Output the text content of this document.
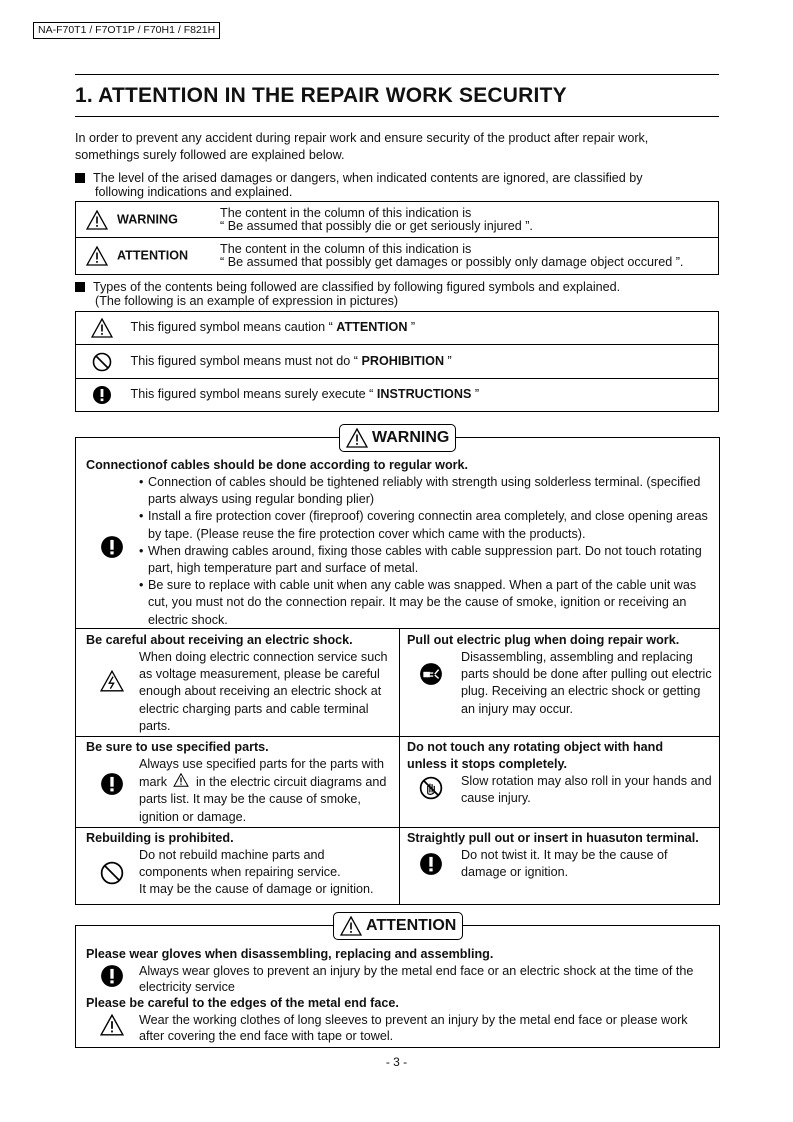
NA-F70T1 / F7OT1P / F70H1 / F821H
1. ATTENTION IN THE REPAIR WORK SECURITY
In order to prevent any accident during repair work and ensure security of the product after repair work, somethings surely followed are explained below.
The level of the arised damages or dangers, when indicated contents are ignored, are classified by
following indications and explained.
WARNING	The content in the column of this indication is
“ Be assumed that possibly die or get seriously injured ”.

ATTENTION	The content in the column of this indication is
“ Be assumed that possibly get damages or possibly only damage object occured ”.
Types of the contents being followed are classified by following figured symbols and explained.
(The following is an example of expression in pictures)
This figured symbol means caution “ ATTENTION ”
This figured symbol means must not do “ PROHIBITION ”
This figured symbol means surely execute “ INSTRUCTIONS ”
Connectionof cables should be done according to regular work.
• Connection of cables should be tightened reliably with strength using solderless terminal. (specified parts always using regular bonding plier)
• Install a fire protection cover (fireproof) covering connectin area completely, and close opening areas by tape. (Please reuse the fire protection cover which came with the products).
• When drawing cables around, fixing those cables with cable suppression part. Do not touch rotating part, high temperature part and surface of metal.
• Be sure to replace with cable unit when any cable was snapped. When a part of the cable unit was cut, you must not do the connection repair. It may be the cause of smoke, ignition or receiving an electric shock.
Be careful about receiving an electric shock.
When doing electric connection service such as voltage measurement, please be careful enough about receiving an electric shock at electric charging parts and cable terminal parts.
Pull out electric plug when doing repair work.
Disassembling, assembling and replacing parts should be done after pulling out electric plug. Receiving an electric shock or getting an injury may occur.
Be sure to use specified parts.
Always use specified parts for the parts with mark  in the electric circuit diagrams and parts list. It may be the cause of smoke, ignition or damage.
Do not touch any rotating object with hand
unless it stops completely.
Slow rotation may also roll in your hands and cause injury.
Rebuilding is prohibited.
Do not rebuild machine parts and components when repairing service.
It may be the cause of damage or ignition.
Straightly pull out or insert in huasuton terminal.
Do not twist it. It may be the cause of damage or ignition.
WARNING
Please wear gloves when disassembling, replacing and assembling.
Always wear gloves to prevent an injury by the metal end face or an electric shock at the time of the electricity service
Please be careful to the edges of the metal end face.
Wear the working clothes of long sleeves to prevent an injury by the metal end face or please work after covering the end face with tape or towel.
ATTENTION
- 3 -
